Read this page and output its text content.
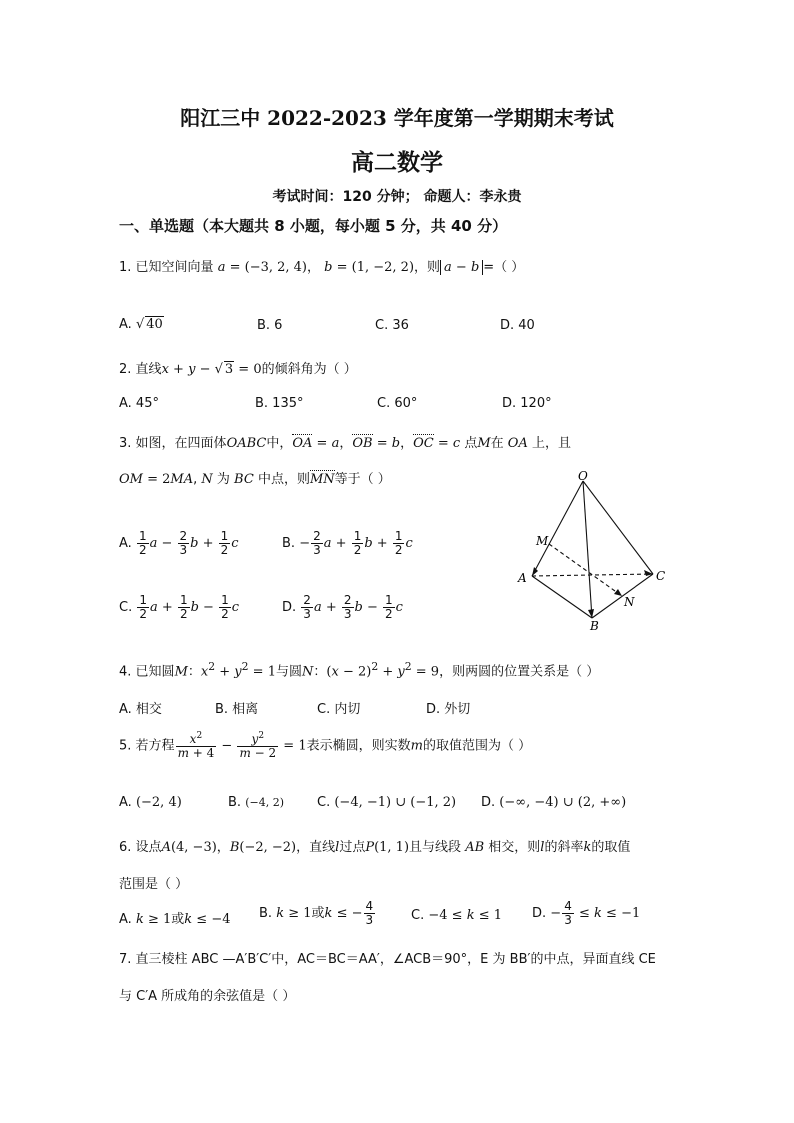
阳江三中 2022-2023 学年度第一学期期末考试
高二数学
考试时间：120 分钟； 命题人：李永贵
一、单选题（本大题共 8 小题，每小题 5 分，共 40 分）
1. 已知空间向量 a = (−3, 2, 4)， b = (1, −2, 2)，则 a − b =（ ）
A. √ 40	B. 6	C. 36	D. 40
2. 直线x + y − √ 3 = 0的倾斜角为（ ）
A. 45°	B. 135°	C. 60°	D. 120°
3. 如图，在四面体OABC中，OA = a，OB = b，OC = c 点M在 OA 上，且
OM = 2MA, N 为 BC 中点，则MN等于（ ）
A. $\frac{1}{2}$ $a - \frac{2}{3}$ $b + \frac{1}{2}$ c	B. − $\frac{2}{3}$ $a + \frac{1}{2}$ $b + \frac{1}{2}$ c
C. $\frac{1}{2}$ $a + \frac{1}{2}$ $b - \frac{1}{2}$ c	D. $\frac{2}{3}$ $a + \frac{2}{3}$ $b - \frac{1}{2}$ c
O
A
B
C
M
N
4. 已知圆M：$x^2 + y^2 = 1$与圆N：$(x - 2)^2 + y^2 = 9$，则两圆的位置关系是（ ）
A. 相交	B. 相离	C. 内切	D. 外切
5. 若方程 $\frac{x^2}{m + 4} - \frac{y^2}{m - 2} = 1$表示椭圆，则实数m的取值范围为（ ）
A. (−2, 4)	B. (−4, 2)	C. (−4, −1) ∪ (−1, 2) D. (−∞, −4) ∪ (2, +∞)
6. 设点A(4, −3)，B(−2, −2)，直线l过点P(1, 1)且与线段 AB 相交，则l的斜率k的取值
范围是（ ）
A. k ≥ 1或k ≤ −4 B. k ≥ 1或k ≤ − $\frac{4}{3}$	C. −4 ≤ k ≤ 1 D. − $\frac{4}{3} \le k \le -1$
7. 直三棱柱 ABC —A′B′C′中，AC＝BC＝AA′，∠ACB＝90°，E 为 BB′的中点，异面直线 CE
与 C′A 所成角的余弦值是（ ）
